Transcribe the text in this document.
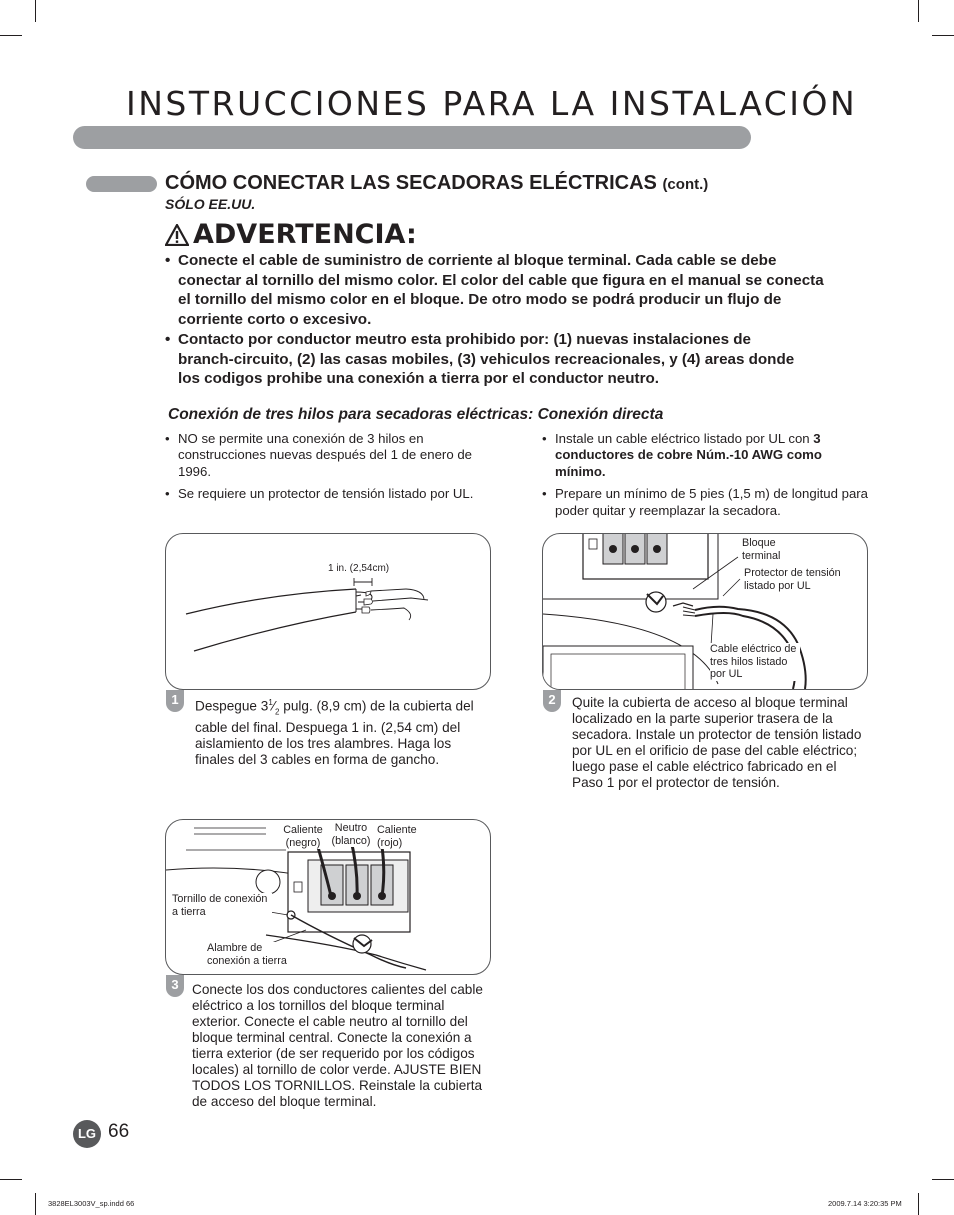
INSTRUCCIONES PARA LA INSTALACIÓN
CÓMO CONECTAR LAS SECADORAS ELÉCTRICAS (cont.)
SÓLO EE.UU.
ADVERTENCIA:
• Conecte el cable de suministro de corriente al bloque terminal. Cada cable se debe conectar al tornillo del mismo color. El color del cable que figura en el manual se conecta el tornillo del mismo color en el bloque. De otro modo se podrá producir un flujo de corriente corto o excesivo.
• Contacto por conductor meutro esta prohibido por: (1) nuevas instalaciones de branch-circuito, (2) las casas mobiles, (3) vehiculos recreacionales, y (4) areas donde los codigos prohibe una conexión a tierra por el conductor neutro.
Conexión de tres hilos para secadoras eléctricas: Conexión directa
• NO se permite una conexión de 3 hilos en construcciones nuevas después del 1 de enero de 1996.
• Se requiere un protector de tensión listado por UL.
• Instale un cable eléctrico listado por UL con 3 conductores de cobre Núm.-10 AWG como mínimo.
• Prepare un mínimo de 5 pies (1,5 m) de longitud para poder quitar y reemplazar la secadora.
1 in. (2,54cm)
1	Despegue $3^1⁄_2$ pulg. (8,9 cm) de la cubierta del cable del final. Despuega 1 in. (2,54 cm) del aislamiento de los tres alambres. Haga los finales del 3 cables en forma de gancho.
Bloque terminal
Protector de tensión listado por UL
Cable eléctrico de tres hilos listado por UL
2	Quite la cubierta de acceso al bloque terminal localizado en la parte superior trasera de la secadora. Instale un protector de tensión listado por UL en el orificio de pase del cable eléctrico; luego pase el cable eléctrico fabricado en el Paso 1 por el protector de tensión.
Caliente (negro)
Neutro (blanco)
Caliente (rojo)
Tornillo de conexión a tierra
Alambre de conexión a tierra
3 Conecte los dos conductores calientes del cable eléctrico a los tornillos del bloque terminal exterior. Conecte el cable neutro al tornillo del bloque terminal central. Conecte la conexión a tierra exterior (de ser requerido por los códigos locales) al tornillo de color verde. AJUSTE BIEN TODOS LOS TORNILLOS. Reinstale la cubierta de acceso del bloque terminal.
LG 66
3828EL3003V_sp.indd 66	2009.7.14 3:20:35 PM
